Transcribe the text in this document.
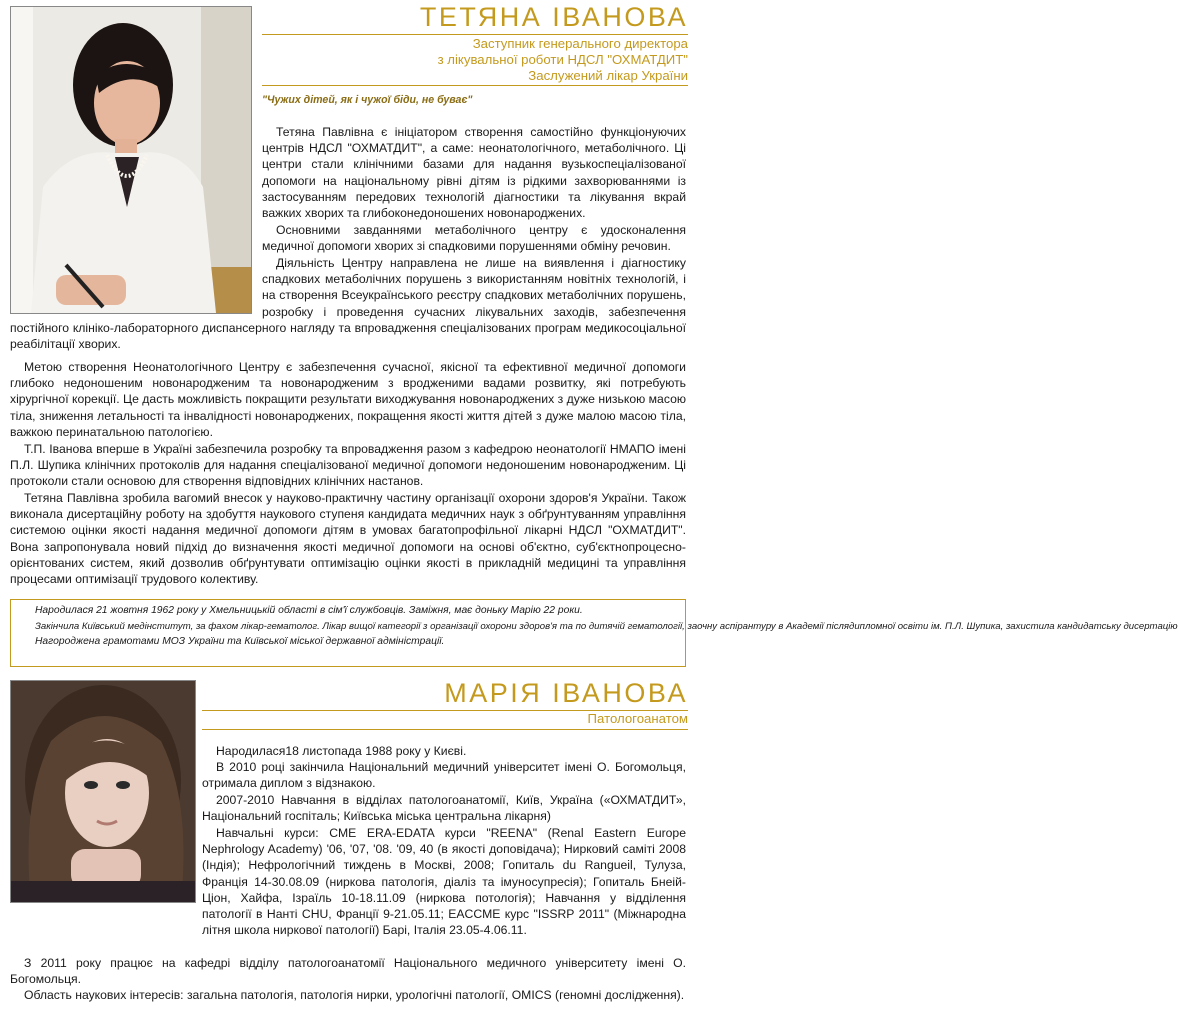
ТЕТЯНА ІВАНОВА
Заступник генерального директора
з лікувальної роботи НДСЛ "ОХМАТДИТ"
Заслужений лікар України
"Чужих дітей, як і чужої біди, не буває"

Тетяна Павлівна є ініціатором створення самостійно функціонуючих центрів НДСЛ "ОХМАТДИТ", а саме: неонатологічного, метаболічного. Ці центри стали клінічними базами для надання вузькоспеціалізованої допомоги на національному рівні дітям із рідкими захворюваннями із застосуванням передових технологій діагностики та лікування вкрай важких хворих та глибоконедоношених новонароджених.

Основними завданнями метаболічного центру є удосконалення медичної допомоги хворих зі спадковими порушеннями обміну речовин.

Діяльність Центру направлена не лише на виявлення і діагностику спадкових метаболічних порушень з використанням новітніх технологій, і на створення Всеукраїнського реєстру спадкових метаболічних порушень, розробку і проведення сучасних лікувальних заходів, забезпечення постійного клініко-лабораторного диспансерного нагляду та впровадження спеціалізованих програм медикосоціальної реабілітації хворих.

Метою створення Неонатологічного Центру є забезпечення сучасної, якісної та ефективної медичної допомоги глибоко недоношеним новонародженим та новонародженим з вродженими вадами розвитку, які потребують хірургічної корекції. Це дасть можливість покращити результати виходжування новонароджених з дуже низькою масою тіла, зниження летальності та інвалідності новонароджених, покращення якості життя дітей з дуже малою масою тіла, важкою перинатальною патологією.

Т.П. Іванова вперше в Україні забезпечила розробку та впровадження разом з кафедрою неонатології НМАПО імені П.Л. Шупика клінічних протоколів для надання спеціалізованої медичної допомоги недоношеним новонародженим. Ці протоколи стали основою для створення відповідних клінічних настанов.

Тетяна Павлівна зробила вагомий внесок у науково-практичну частину організації охорони здоров'я України. Також виконала дисертаційну роботу на здобуття наукового ступеня кандидата медичних наук з обґрунтуванням управління системою оцінки якості надання медичної допомоги дітям в умовах багатопрофільної лікарні НДСЛ "ОХМАТДИТ". Вона запропонувала новий підхід до визначення якості медичної допомоги на основі об'єктно, суб'єктнопроцесно-орієнтованих систем, який дозволив обґрунтувати оптимізацію оцінки якості в прикладній медицині та управління процесами оптимізації трудового колективу.

Народилася 21 жовтня 1962 року у Хмельницькій області в сім'ї службовців. Заміжня, має доньку Марію 22 роки.

Закінчила Київський медінститут, за фахом лікар-гематолог. Лікар вищої категорії з організації охорони здоров'я та по дитячій гематології, заочну аспірантуру в Академії післядипломної освіти ім. П.Л. Шупика, захистила кандидатську дисертацію

Нагороджена грамотами МОЗ України та Київської міської державної адміністрації.

МАРІЯ ІВАНОВА
Патологоанатом

Народилася18 листопада 1988 року у Києві.

В 2010 році закінчила Національний медичний університет імені О. Богомольця, отримала диплом з відзнакою.

2007-2010 Навчання в відділах патологоанатомії, Київ, Україна («ОХМАТДИТ», Національний госпіталь; Київська міська центральна лікарня)

Навчальні курси: CME ERA-EDATA курси "REENA" (Renal Eastern Europe Nephrology Academy) '06, '07, '08. '09, 40 (в якості доповідача); Нирковий саміті 2008 (Індія); Нефрологічний тиждень в Москві, 2008; Гопиталь du Rangueil, Тулуза, Франція 14-30.08.09 (ниркова патологія, діаліз та імуносупресія); Гопиталь Бнеій-Ціон, Хайфа, Ізраїль 10-18.11.09 (ниркова потологія); Навчання у відділення патології в Нанті CHU, Франції 9-21.05.11; EACCME курс "ISSRP 2011" (Міжнародна літня школа ниркової патології) Барі, Італія 23.05-4.06.11.

З 2011 року працює на кафедрі відділу патологоанатомії Національного медичного університету імені О. Богомольця.

Область наукових інтересів: загальна патологія, патологія нирки, урологічні патології, OMICS (геномні дослідження).
